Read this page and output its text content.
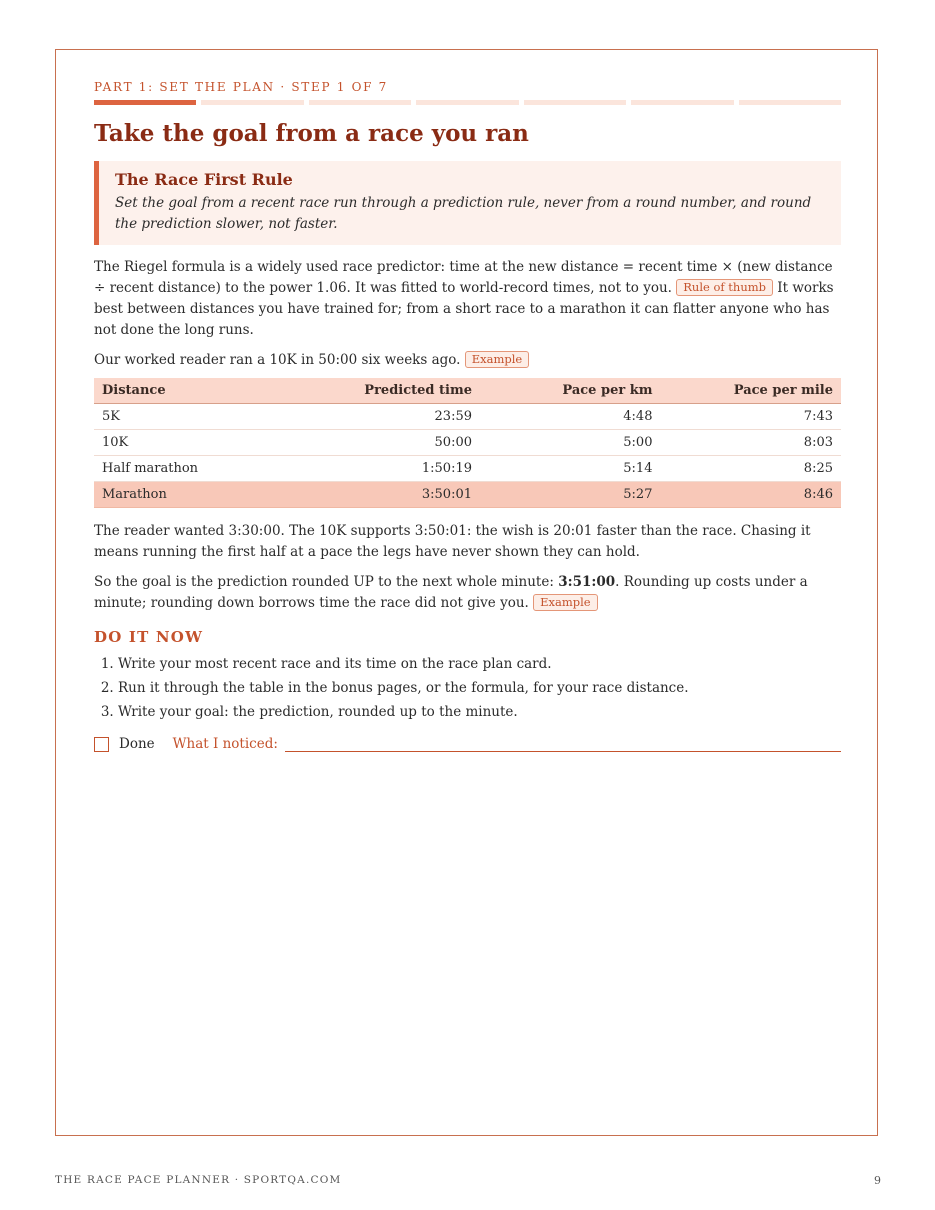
PART 1: SET THE PLAN · STEP 1 OF 7
Take the goal from a race you ran
The Race First Rule
Set the goal from a recent race run through a prediction rule, never from a round number, and round the prediction slower, not faster.

The Riegel formula is a widely used race predictor: time at the new distance = recent time × (new distance ÷ recent distance) to the power 1.06. It was fitted to world-record times, not to you. Rule of thumb It works best between distances you have trained for; from a short race to a marathon it can flatter anyone who has not done the long runs.

Our worked reader ran a 10K in 50:00 six weeks ago. Example

Distance	Predicted time	Pace per km	Pace per mile
5K	23:59	4:48	7:43
10K	50:00	5:00	8:03
Half marathon	1:50:19	5:14	8:25
Marathon	3:50:01	5:27	8:46

The reader wanted 3:30:00. The 10K supports 3:50:01: the wish is 20:01 faster than the race. Chasing it means running the first half at a pace the legs have never shown they can hold.

So the goal is the prediction rounded UP to the next whole minute: 3:51:00. Rounding up costs under a minute; rounding down borrows time the race did not give you. Example

DO IT NOW
1. Write your most recent race and its time on the race plan card.
2. Run it through the table in the bonus pages, or the formula, for your race distance.
3. Write your goal: the prediction, rounded up to the minute.
Done What I noticed:
THE RACE PACE PLANNER · SPORTQA.COM	9
